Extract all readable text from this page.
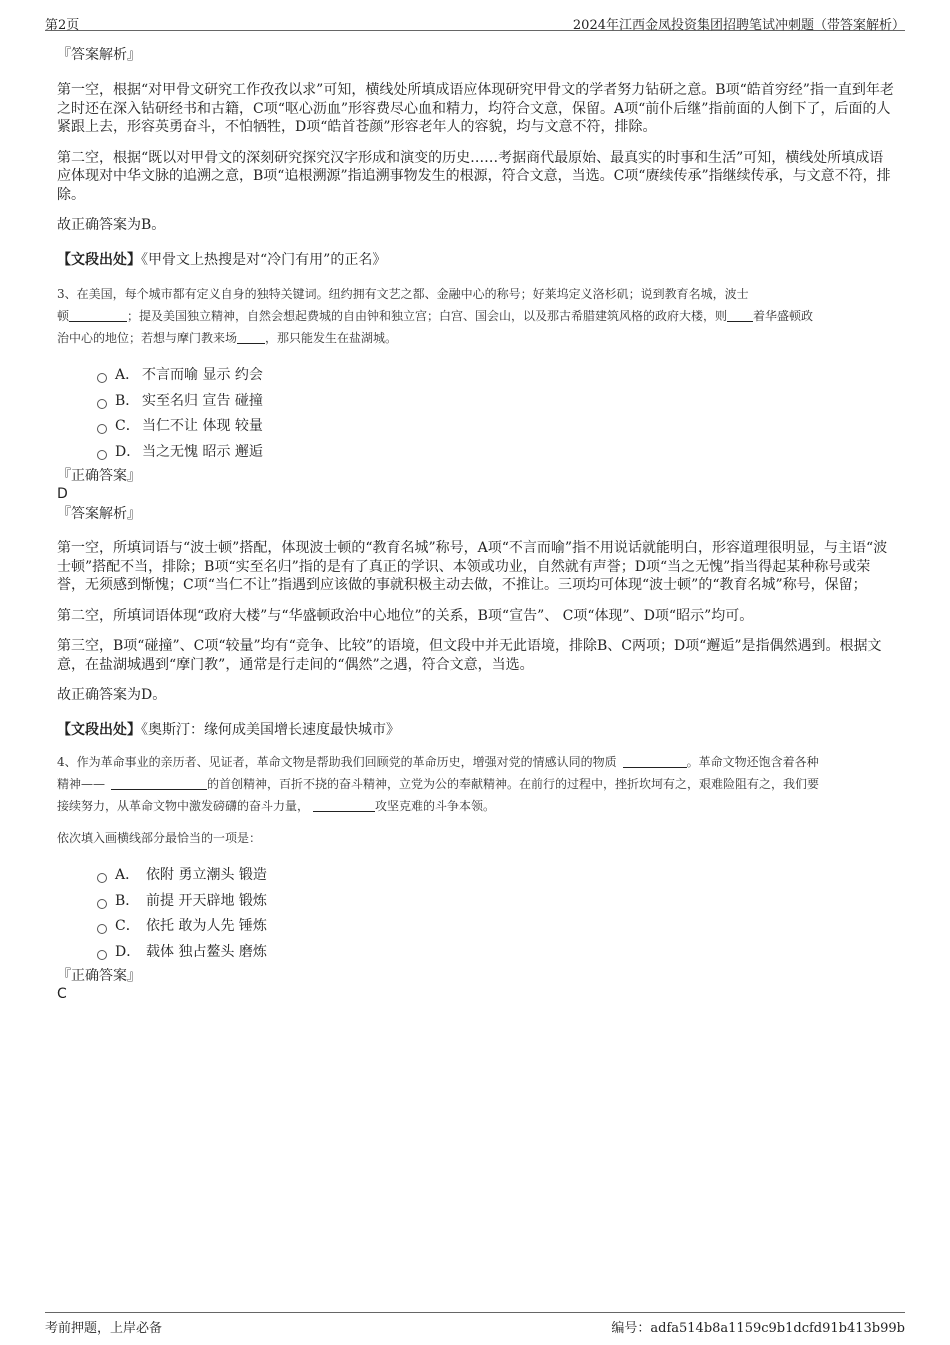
第2页	2024年江西金凤投资集团招聘笔试冲刺题（带答案解析）

『答案解析』

第一空，根据“对甲骨文研究工作孜孜以求”可知，横线处所填成语应体现研究甲骨文的学者努力钻研之意。B项“皓首穷经”指一直到年老之时还在深入钻研经书和古籍，C项“呕心沥血”形容费尽心血和精力，均符合文意，保留。A项“前仆后继”指前面的人倒下了，后面的人紧跟上去，形容英勇奋斗，不怕牺牲，D项“皓首苍颜”形容老年人的容貌，均与文意不符，排除。

第二空，根据“既以对甲骨文的深刻研究探究汉字形成和演变的历史……考据商代最原始、最真实的时事和生活”可知，横线处所填成语应体现对中华文脉的追溯之意，B项“追根溯源”指追溯事物发生的根源，符合文意，当选。C项“赓续传承”指继续传承，与文意不符，排除。

故正确答案为B。

【文段出处】《甲骨文上热搜是对“冷门有用”的正名》

3、在美国，每个城市都有定义自身的独特关键词。纽约拥有文艺之都、金融中心的称号；好莱坞定义洛杉矶；说到教育名城，波士
顿	；提及美国独立精神，自然会想起费城的自由钟和独立宫；白宫、国会山，以及那古希腊建筑风格的政府大楼，则 着华盛顿政
治中心的地位；若想与摩门教来场 ，那只能发生在盐湖城。

A． 不言而喻 显示 约会
B． 实至名归 宣告 碰撞
C． 当仁不让 体现 较量
D． 当之无愧 昭示 邂逅

『正确答案』

D

『答案解析』

第一空，所填词语与“波士顿”搭配，体现波士顿的“教育名城”称号，A项“不言而喻”指不用说话就能明白，形容道理很明显，与主语“波士顿”搭配不当，排除；B项“实至名归”指的是有了真正的学识、本领或功业，自然就有声誉；D项“当之无愧”指当得起某种称号或荣誉，无须感到惭愧；C项“当仁不让”指遇到应该做的事就积极主动去做，不推让。三项均可体现“波士顿”的“教育名城”称号，保留；

第二空，所填词语体现“政府大楼”与“华盛顿政治中心地位”的关系，B项“宣告”、 C项“体现”、D项“昭示”均可。

第三空，B项“碰撞”、C项“较量”均有“竞争、比较”的语境，但文段中并无此语境，排除B、C两项；D项“邂逅”是指偶然遇到。根据文意，在盐湖城遇到“摩门教”，通常是行走间的“偶然”之遇，符合文意，当选。

故正确答案为D。

【文段出处】《奥斯汀：缘何成美国增长速度最快城市》

4、作为革命事业的亲历者、见证者，革命文物是帮助我们回顾党的革命历史，增强对党的情感认同的物质	。革命文物还饱含着各种
精神——	的首创精神，百折不挠的奋斗精神，立党为公的奉献精神。在前行的过程中，挫折坎坷有之，艰难险阻有之，我们要
接续努力，从革命文物中激发磅礴的奋斗力量，	攻坚克难的斗争本领。

依次填入画横线部分最恰当的一项是：

A． 依附 勇立潮头 锻造
B． 前提 开天辟地 锻炼
C． 依托 敢为人先 锤炼
D． 载体 独占鳌头 磨炼

『正确答案』

C

考前押题，上岸必备	编号：adfa514b8a1159c9b1dcfd91b413b99b
